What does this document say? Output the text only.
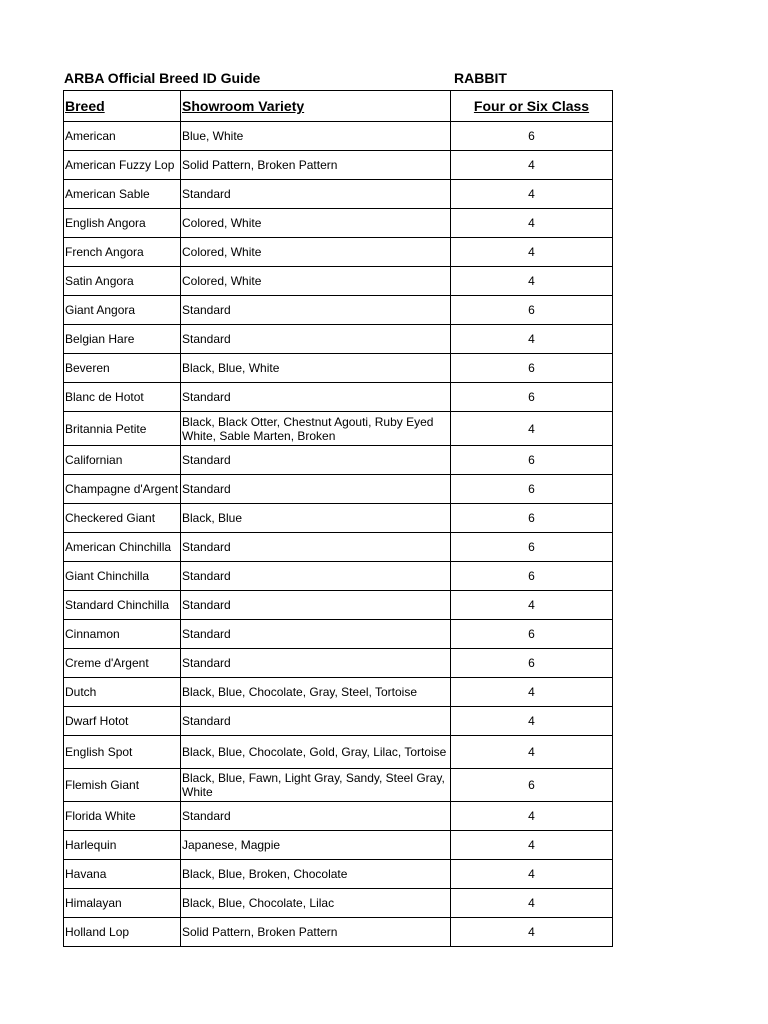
ARBA Official Breed ID Guide	RABBIT
Breed	Showroom Variety	Four or Six Class
American	Blue, White	6
American Fuzzy Lop	Solid Pattern, Broken Pattern	4
American Sable	Standard	4
English Angora	Colored, White	4
French Angora	Colored, White	4
Satin Angora	Colored, White	4
Giant Angora	Standard	6
Belgian Hare	Standard	4
Beveren	Black, Blue, White	6
Blanc de Hotot	Standard	6
Britannia Petite	Black, Black Otter, Chestnut Agouti, Ruby Eyed White, Sable Marten, Broken	4
Californian	Standard	6
Champagne d'Argent	Standard	6
Checkered Giant	Black, Blue	6
American Chinchilla	Standard	6
Giant Chinchilla	Standard	6
Standard Chinchilla	Standard	4
Cinnamon	Standard	6
Creme d'Argent	Standard	6
Dutch	Black, Blue, Chocolate, Gray, Steel, Tortoise	4
Dwarf Hotot	Standard	4
English Spot	Black, Blue, Chocolate, Gold, Gray, Lilac, Tortoise	4
Flemish Giant	Black, Blue, Fawn, Light Gray, Sandy, Steel Gray, White	6
Florida White	Standard	4
Harlequin	Japanese, Magpie	4
Havana	Black, Blue, Broken, Chocolate	4
Himalayan	Black, Blue, Chocolate, Lilac	4
Holland Lop	Solid Pattern, Broken Pattern	4
